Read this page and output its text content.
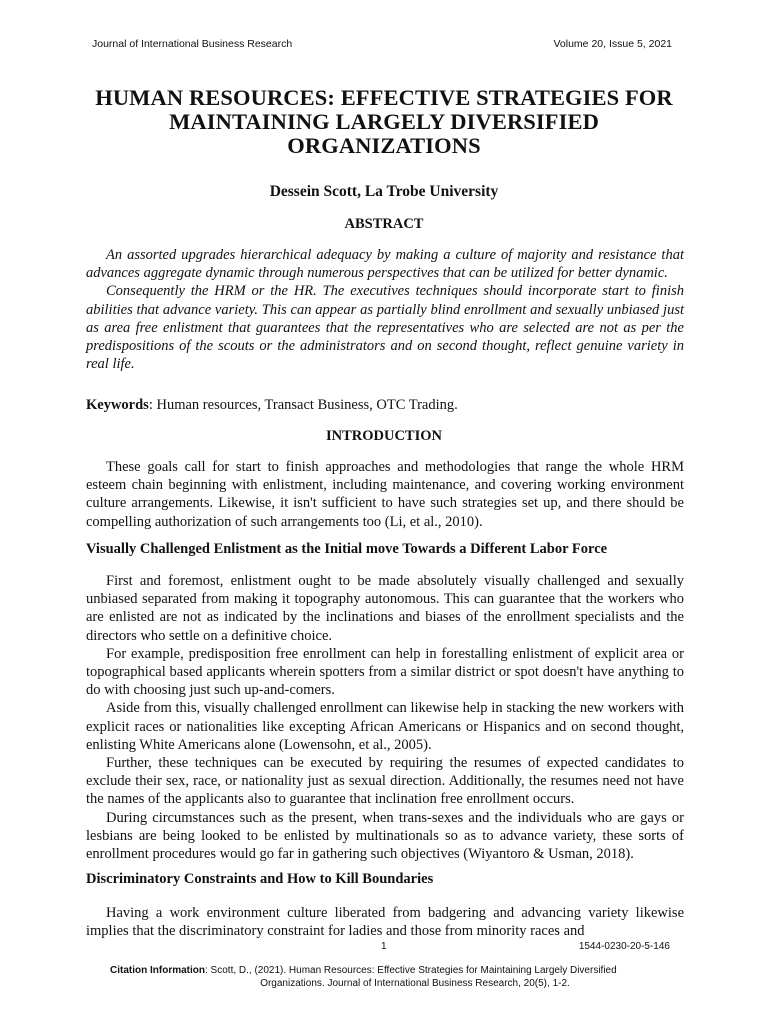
Journal of International Business Research	Volume 20, Issue 5, 2021
HUMAN RESOURCES: EFFECTIVE STRATEGIES FOR MAINTAINING LARGELY DIVERSIFIED ORGANIZATIONS
Dessein Scott, La Trobe University
ABSTRACT

An assorted upgrades hierarchical adequacy by making a culture of majority and resistance that advances aggregate dynamic through numerous perspectives that can be utilized for better dynamic.

Consequently the HRM or the HR. The executives techniques should incorporate start to finish abilities that advance variety. This can appear as partially blind enrollment and sexually unbiased just as area free enlistment that guarantees that the representatives who are selected are not as per the predispositions of the scouts or the administrators and on second thought, reflect genuine variety in real life.

Keywords: Human resources, Transact Business, OTC Trading.
INTRODUCTION

These goals call for start to finish approaches and methodologies that range the whole HRM esteem chain beginning with enlistment, including maintenance, and covering working environment culture arrangements. Likewise, it isn't sufficient to have such strategies set up, and there should be compelling authorization of such arrangements too (Li, et al., 2010).

Visually Challenged Enlistment as the Initial move Towards a Different Labor Force

First and foremost, enlistment ought to be made absolutely visually challenged and sexually unbiased separated from making it topography autonomous. This can guarantee that the workers who are enlisted are not as indicated by the inclinations and biases of the enrollment specialists and the directors who settle on a definitive choice.

For example, predisposition free enrollment can help in forestalling enlistment of explicit area or topographical based applicants wherein spotters from a similar district or spot doesn't have anything to do with choosing just such up-and-comers.

Aside from this, visually challenged enrollment can likewise help in stacking the new workers with explicit races or nationalities like excepting African Americans or Hispanics and on second thought, enlisting White Americans alone (Lowensohn, et al., 2005).

Further, these techniques can be executed by requiring the resumes of expected candidates to exclude their sex, race, or nationality just as sexual direction. Additionally, the resumes need not have the names of the applicants also to guarantee that inclination free enrollment occurs.

During circumstances such as the present, when trans-sexes and the individuals who are gays or lesbians are being looked to be enlisted by multinationals so as to advance variety, these sorts of enrollment procedures would go far in gathering such objectives (Wiyantoro & Usman, 2018).

Discriminatory Constraints and How to Kill Boundaries

Having a work environment culture liberated from badgering and advancing variety likewise implies that the discriminatory constraint for ladies and those from minority races and

1	1544-0230-20-5-146
Citation Information: Scott, D., (2021). Human Resources: Effective Strategies for Maintaining Largely Diversified
Organizations. Journal of International Business Research, 20(5), 1-2.
